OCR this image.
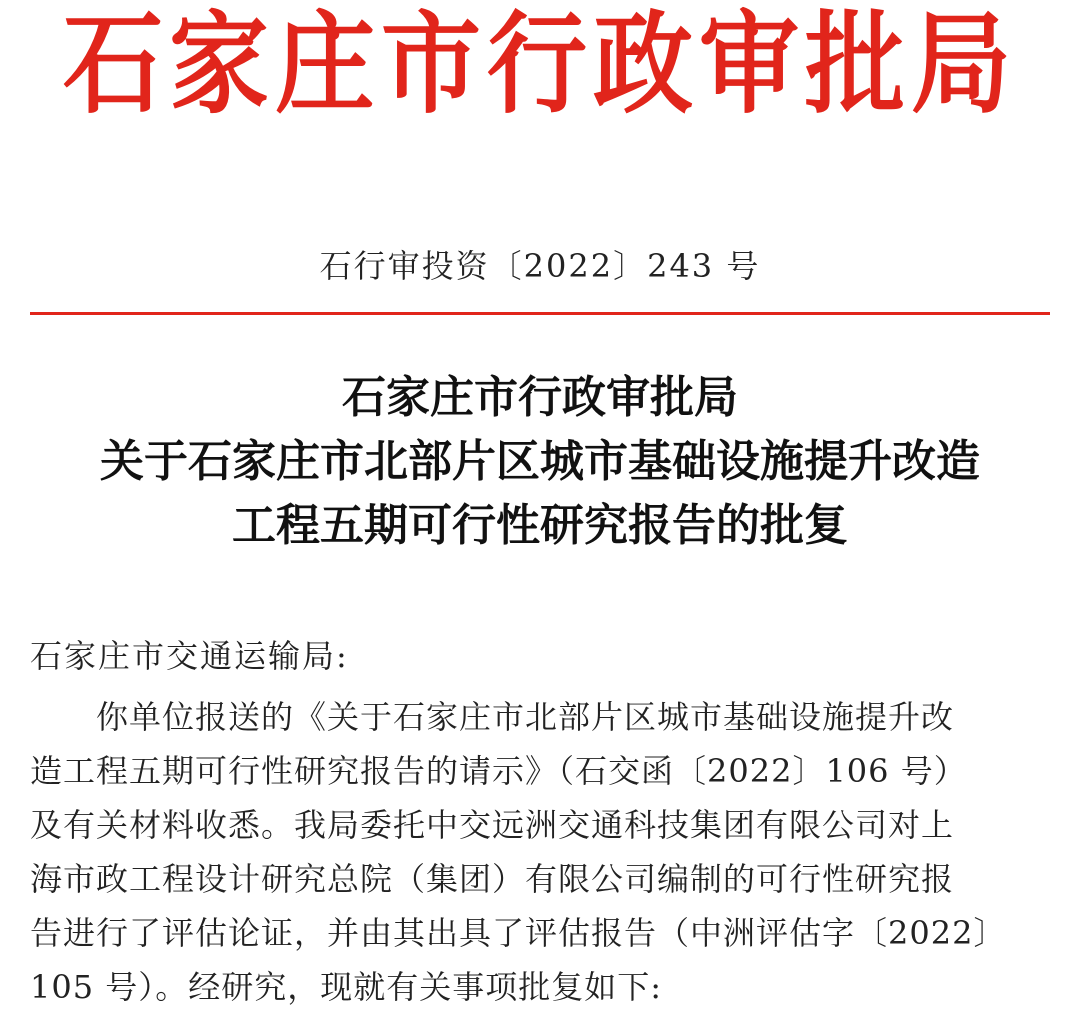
石家庄市行政审批局
石行审投资〔2022〕243 号
石家庄市行政审批局
关于石家庄市北部片区城市基础设施提升改造
工程五期可行性研究报告的批复
石家庄市交通运输局:
你单位报送的《关于石家庄市北部片区城市基础设施提升改
造工程五期可行性研究报告的请示》（石交函〔2022〕106 号）
及有关材料收悉。我局委托中交远洲交通科技集团有限公司对上
海市政工程设计研究总院（集团）有限公司编制的可行性研究报
告进行了评估论证，并由其出具了评估报告（中洲评估字〔2022〕
105 号）。经研究，现就有关事项批复如下:
